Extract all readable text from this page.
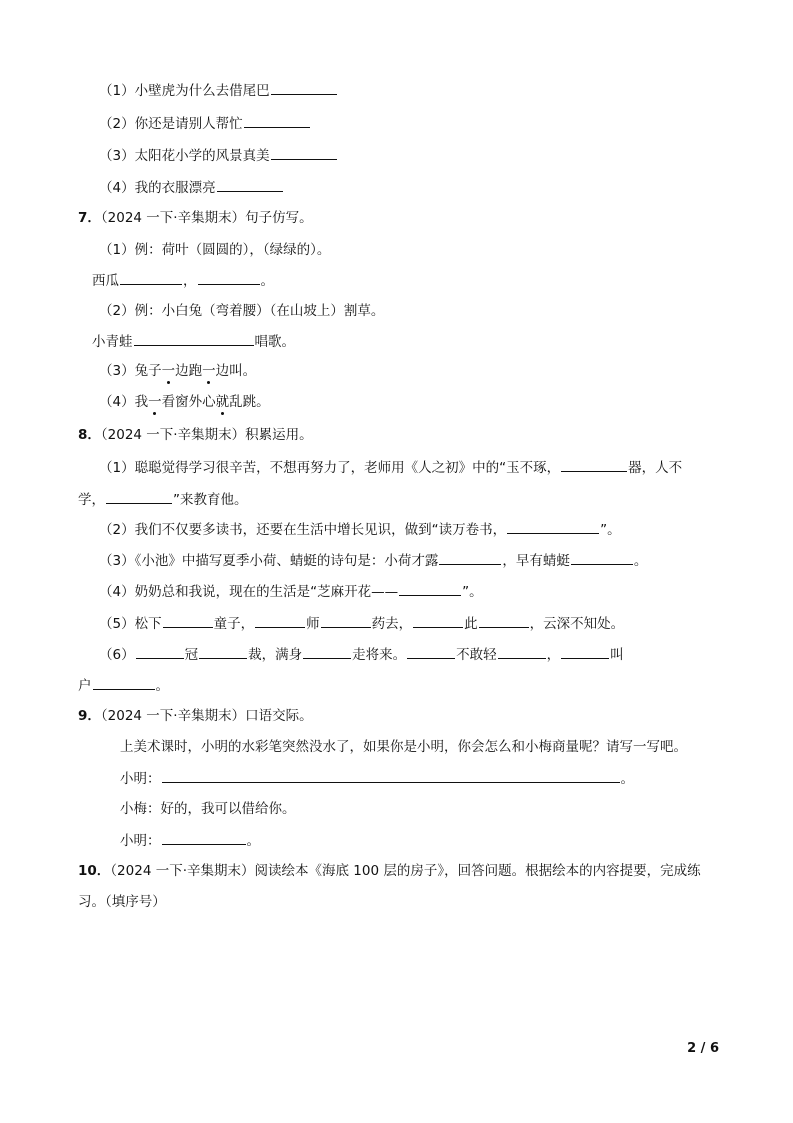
（1）小壁虎为什么去借尾巴
（2）你还是请别人帮忙
（3）太阳花小学的风景真美
（4）我的衣服漂亮
7．（2024 一下·辛集期末）句子仿写。
（1）例：荷叶（圆圆的），（绿绿的）。
西瓜	，	。
（2）例：小白兔（弯着腰）（在山坡上）割草。
小青蛙	唱歌。
（3）兔子一边跑一边叫。
（4）我一看窗外心就乱跳。
8．（2024 一下·辛集期末）积累运用。
（1）聪聪觉得学习很辛苦，不想再努力了，老师用《人之初》中的“玉不琢，	器，人不
学，	”来教育他。
（2）我们不仅要多读书，还要在生活中增长见识，做到“读万卷书，	”。
（3）《小池》中描写夏季小荷、蜻蜓的诗句是：小荷才露	，早有蜻蜓	。
（4）奶奶总和我说，现在的生活是“芝麻开花——	”。
（5）松下	童子，	师	药去，	此	，云深不知处。
（6）	冠	裁，满身	走将来。	不敢轻	，	叫
户	。
9．（2024 一下·辛集期末）口语交际。
上美术课时，小明的水彩笔突然没水了，如果你是小明，你会怎么和小梅商量呢？请写一写吧。
小明：	。
小梅：好的，我可以借给你。
小明：	。
10．（2024 一下·辛集期末）阅读绘本《海底 100 层的房子》，回答问题。根据绘本的内容提要，完成练
习。（填序号）
2 / 6
